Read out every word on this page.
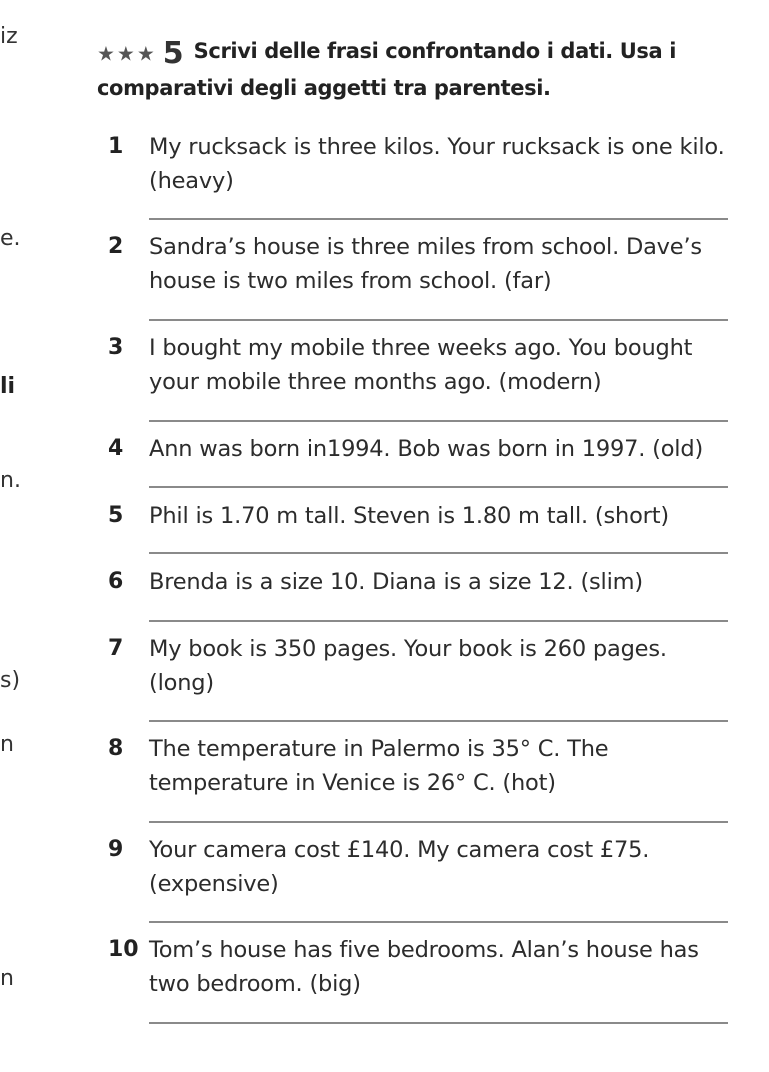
iz
e.
li
n.
s)
n
n
★★★ 5 Scrivi delle frasi confrontando i dati. Usa i
comparativi degli aggetti tra parentesi.
1	My rucksack is three kilos. Your rucksack is one kilo.
(heavy)
2	Sandra’s house is three miles from school. Dave’s
house is two miles from school. (far)
3	I bought my mobile three weeks ago. You bought
your mobile three months ago. (modern)
4	Ann was born in1994. Bob was born in 1997. (old)
5	Phil is 1.70 m tall. Steven is 1.80 m tall. (short)
6	Brenda is a size 10. Diana is a size 12. (slim)
7	My book is 350 pages. Your book is 260 pages.
(long)
8	The temperature in Palermo is 35° C. The
temperature in Venice is 26° C. (hot)
9	Your camera cost £140. My camera cost £75.
(expensive)
10 Tom’s house has five bedrooms. Alan’s house has
two bedroom. (big)
